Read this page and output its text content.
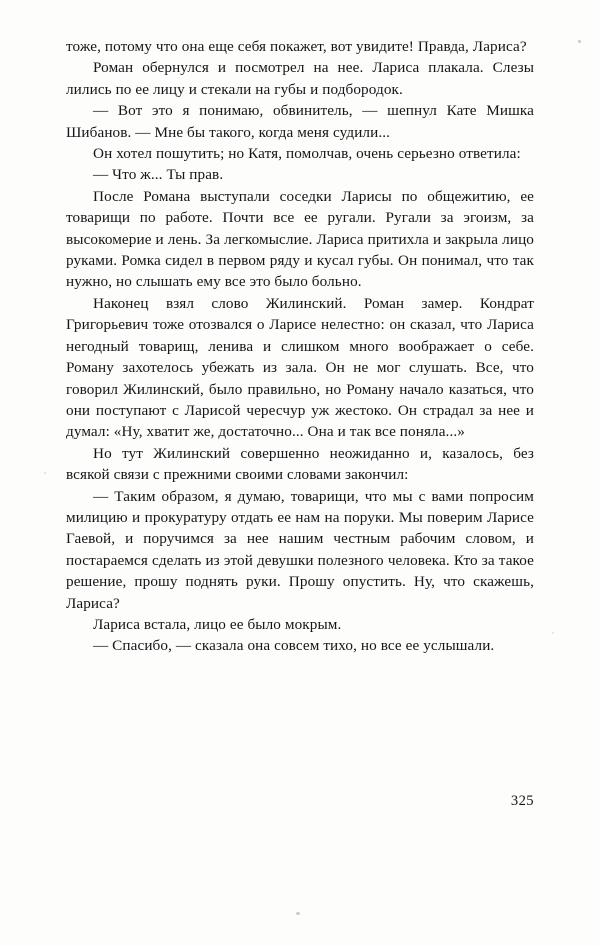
тоже, потому что она еще себя покажет, вот увидите! Правда, Лариса?

Роман обернулся и посмотрел на нее. Лариса плакала. Слезы лились по ее лицу и стекали на губы и подбородок.

— Вот это я понимаю, обвинитель, — шепнул Кате Мишка Шибанов. — Мне бы такого, когда меня судили...

Он хотел пошутить; но Катя, помолчав, очень серьезно ответила:

— Что ж... Ты прав.

После Романа выступали соседки Ларисы по общежитию, ее товарищи по работе. Почти все ее ругали. Ругали за эгоизм, за высокомерие и лень. За легкомыслие. Лариса притихла и закрыла лицо руками. Ромка сидел в первом ряду и кусал губы. Он понимал, что так нужно, но слышать ему все это было больно.

Наконец взял слово Жилинский. Роман замер. Кондрат Григорьевич тоже отозвался о Ларисе нелестно: он сказал, что Лариса негодный товарищ, ленива и слишком много воображает о себе. Роману захотелось убежать из зала. Он не мог слушать. Все, что говорил Жилинский, было правильно, но Роману начало казаться, что они поступают с Ларисой чересчур уж жестоко. Он страдал за нее и думал: «Ну, хватит же, достаточно... Она и так все поняла...»

Но тут Жилинский совершенно неожиданно и, казалось, без всякой связи с прежними своими словами закончил:

— Таким образом, я думаю, товарищи, что мы с вами попросим милицию и прокуратуру отдать ее нам на поруки. Мы поверим Ларисе Гаевой, и поручимся за нее нашим честным рабочим словом, и постараемся сделать из этой девушки полезного человека. Кто за такое решение, прошу поднять руки. Прошу опустить. Ну, что скажешь, Лариса?

Лариса встала, лицо ее было мокрым.

— Спасибо, — сказала она совсем тихо, но все ее услышали.

325
